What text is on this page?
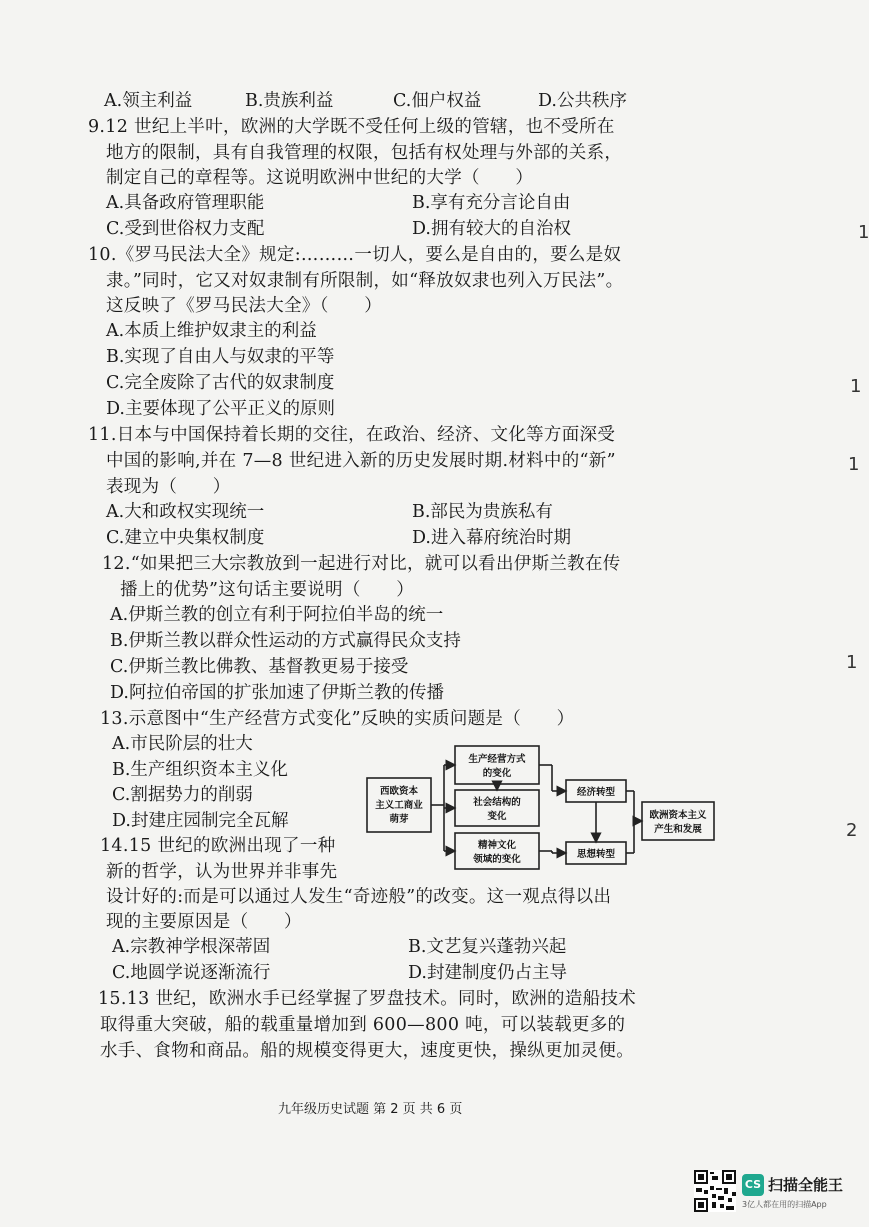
A.领主利益	B.贵族利益	C.佃户权益	D.公共秩序
9.12 世纪上半叶，欧洲的大学既不受任何上级的管辖，也不受所在
地方的限制，具有自我管理的权限，包括有权处理与外部的关系，
制定自己的章程等。这说明欧洲中世纪的大学（　　）
A.具备政府管理职能	B.享有充分言论自由
C.受到世俗权力支配	D.拥有较大的自治权
10.《罗马民法大全》规定:………一切人，要么是自由的，要么是奴
隶。”同时，它又对奴隶制有所限制，如“释放奴隶也列入万民法”。
这反映了《罗马民法大全》（　　）
A.本质上维护奴隶主的利益
B.实现了自由人与奴隶的平等
C.完全废除了古代的奴隶制度
D.主要体现了公平正义的原则
11.日本与中国保持着长期的交往，在政治、经济、文化等方面深受
中国的影响,并在 7—8 世纪进入新的历史发展时期.材料中的“新”
表现为（　　）
A.大和政权实现统一	B.部民为贵族私有
C.建立中央集权制度	D.进入幕府统治时期
12.“如果把三大宗教放到一起进行对比，就可以看出伊斯兰教在传
播上的优势”这句话主要说明（　　）
A.伊斯兰教的创立有利于阿拉伯半岛的统一
B.伊斯兰教以群众性运动的方式赢得民众支持
C.伊斯兰教比佛教、基督教更易于接受
D.阿拉伯帝国的扩张加速了伊斯兰教的传播
13.示意图中“生产经营方式变化”反映的实质问题是（　　）
A.市民阶层的壮大
B.生产组织资本主义化
C.割据势力的削弱
D.封建庄园制完全瓦解
西欧资本
主义工商业
萌芽
生产经营方式
的变化
社会结构的
变化
精神文化
领域的变化
经济转型
思想转型
欧洲资本主义
产生和发展
14.15 世纪的欧洲出现了一种
新的哲学，认为世界并非事先
设计好的:而是可以通过人发生“奇迹般”的改变。这一观点得以出
现的主要原因是（　　）
A.宗教神学根深蒂固	B.文艺复兴蓬勃兴起
C.地圆学说逐渐流行	D.封建制度仍占主导
15.13 世纪，欧洲水手已经掌握了罗盘技术。同时，欧洲的造船技术
取得重大突破，船的载重量增加到 600—800 吨，可以装载更多的
水手、食物和商品。船的规模变得更大，速度更快，操纵更加灵便。
1
1
1
1
2
九年级历史试题 第 2 页 共 6 页
CS 扫描全能王
3亿人都在用的扫描App
